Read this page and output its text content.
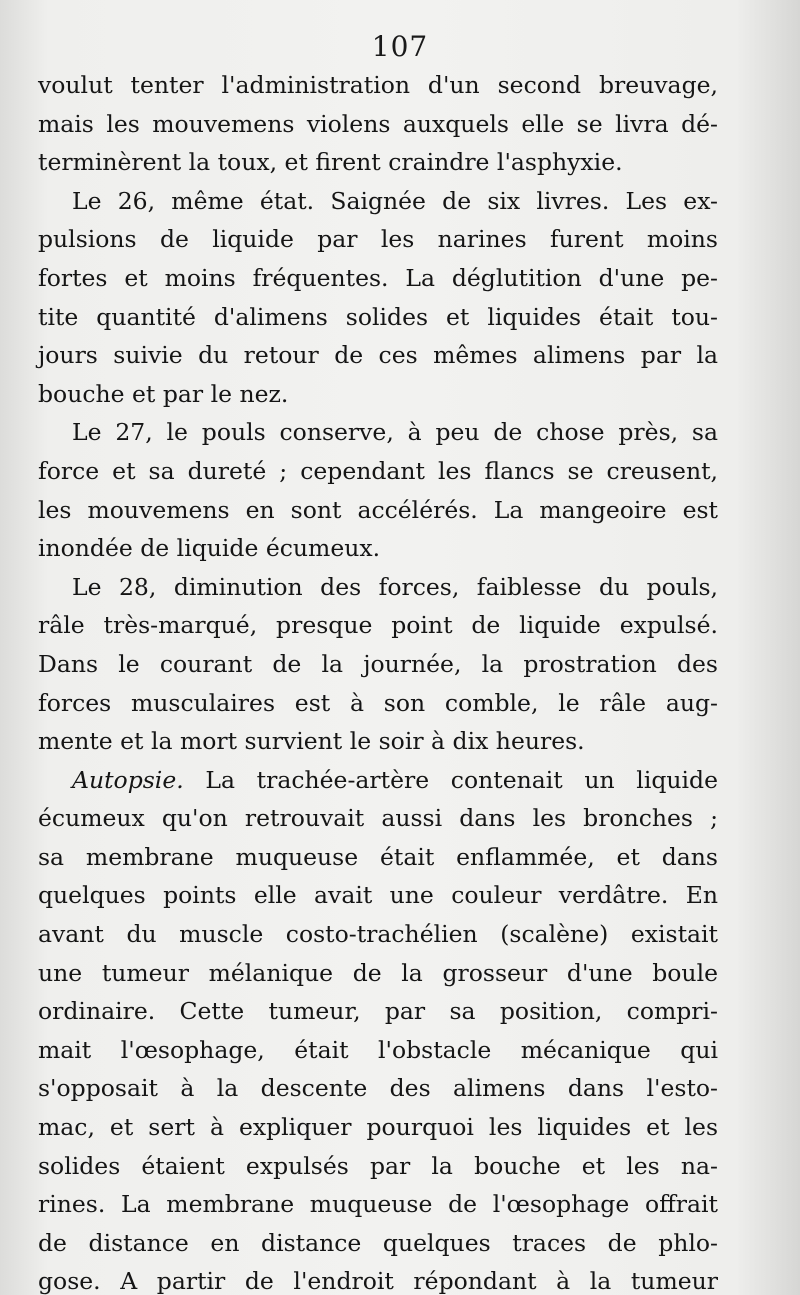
107
voulut tenter l'administration d'un second breuvage,
mais les mouvemens violens auxquels elle se livra dé-
terminèrent la toux, et firent craindre l'asphyxie.
Le 26, même état. Saignée de six livres. Les ex-
pulsions de liquide par les narines furent moins
fortes et moins fréquentes. La déglutition d'une pe-
tite quantité d'alimens solides et liquides était tou-
jours suivie du retour de ces mêmes alimens par la
bouche et par le nez.
Le 27, le pouls conserve, à peu de chose près, sa
force et sa dureté ; cependant les flancs se creusent,
les mouvemens en sont accélérés. La mangeoire est
inondée de liquide écumeux.
Le 28, diminution des forces, faiblesse du pouls,
râle très-marqué, presque point de liquide expulsé.
Dans le courant de la journée, la prostration des
forces musculaires est à son comble, le râle aug-
mente et la mort survient le soir à dix heures.
Autopsie. La trachée-artère contenait un liquide
écumeux qu'on retrouvait aussi dans les bronches ;
sa membrane muqueuse était enflammée, et dans
quelques points elle avait une couleur verdâtre. En
avant du muscle costo-trachélien (scalène) existait
une tumeur mélanique de la grosseur d'une boule
ordinaire. Cette tumeur, par sa position, compri-
mait l'œsophage, était l'obstacle mécanique qui
s'opposait à la descente des alimens dans l'esto-
mac, et sert à expliquer pourquoi les liquides et les
solides étaient expulsés par la bouche et les na-
rines. La membrane muqueuse de l'œsophage offrait
de distance en distance quelques traces de phlo-
gose. A partir de l'endroit répondant à la tumeur
